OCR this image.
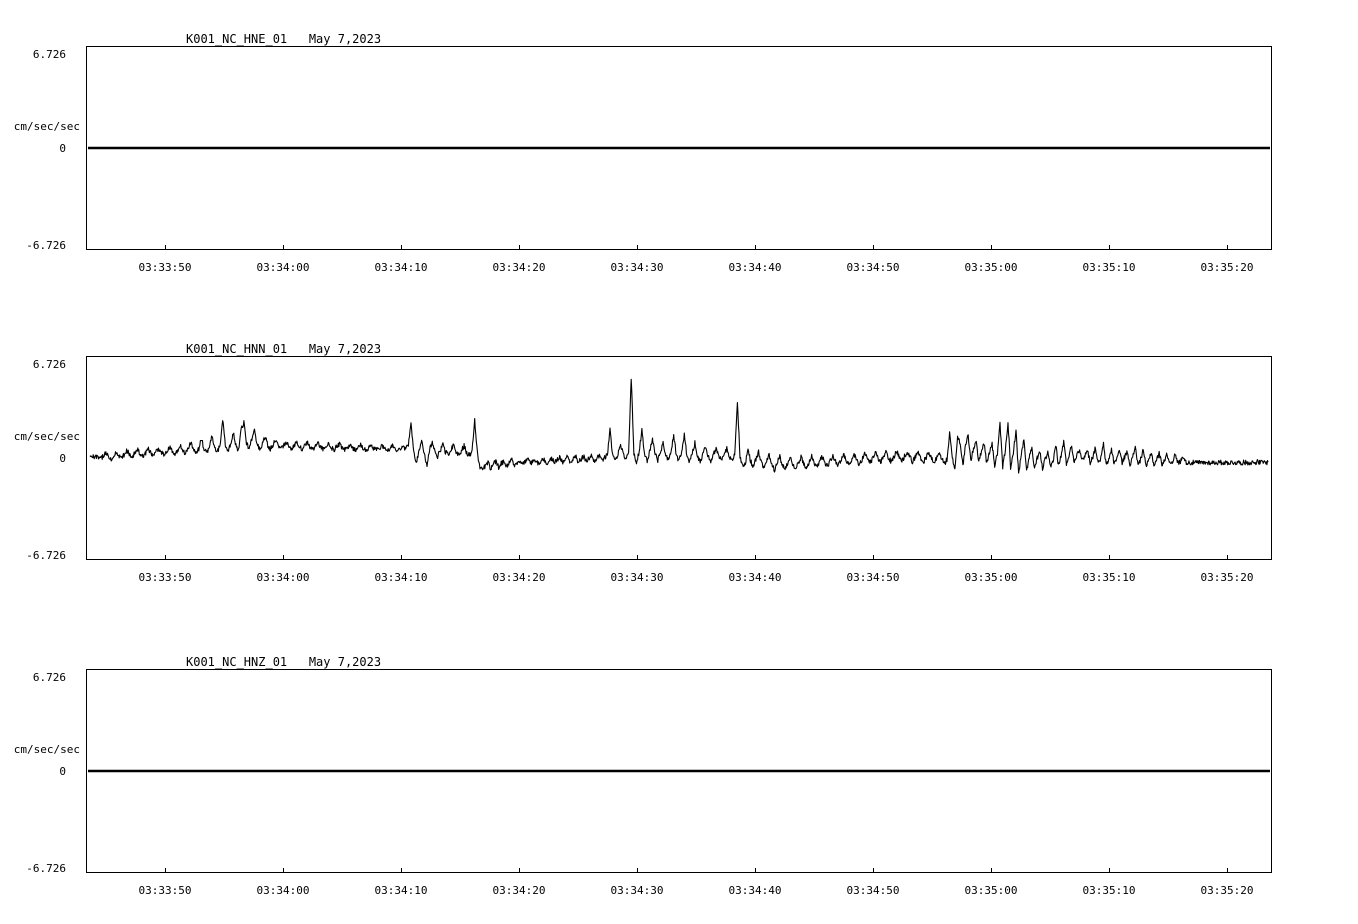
K001_NC_HNE_01   May 7,2023
cm/sec/sec
6.726
0
-6.726
03:33:50	03:34:00	03:34:10	03:34:20	03:34:30	03:34:40	03:34:50	03:35:00	03:35:10	03:35:20
K001_NC_HNN_01   May 7,2023
cm/sec/sec
6.726
0
-6.726
03:33:50	03:34:00	03:34:10	03:34:20	03:34:30	03:34:40	03:34:50	03:35:00	03:35:10	03:35:20
K001_NC_HNZ_01   May 7,2023
cm/sec/sec
6.726
0
-6.726
03:33:50	03:34:00	03:34:10	03:34:20	03:34:30	03:34:40	03:34:50	03:35:00	03:35:10	03:35:20
